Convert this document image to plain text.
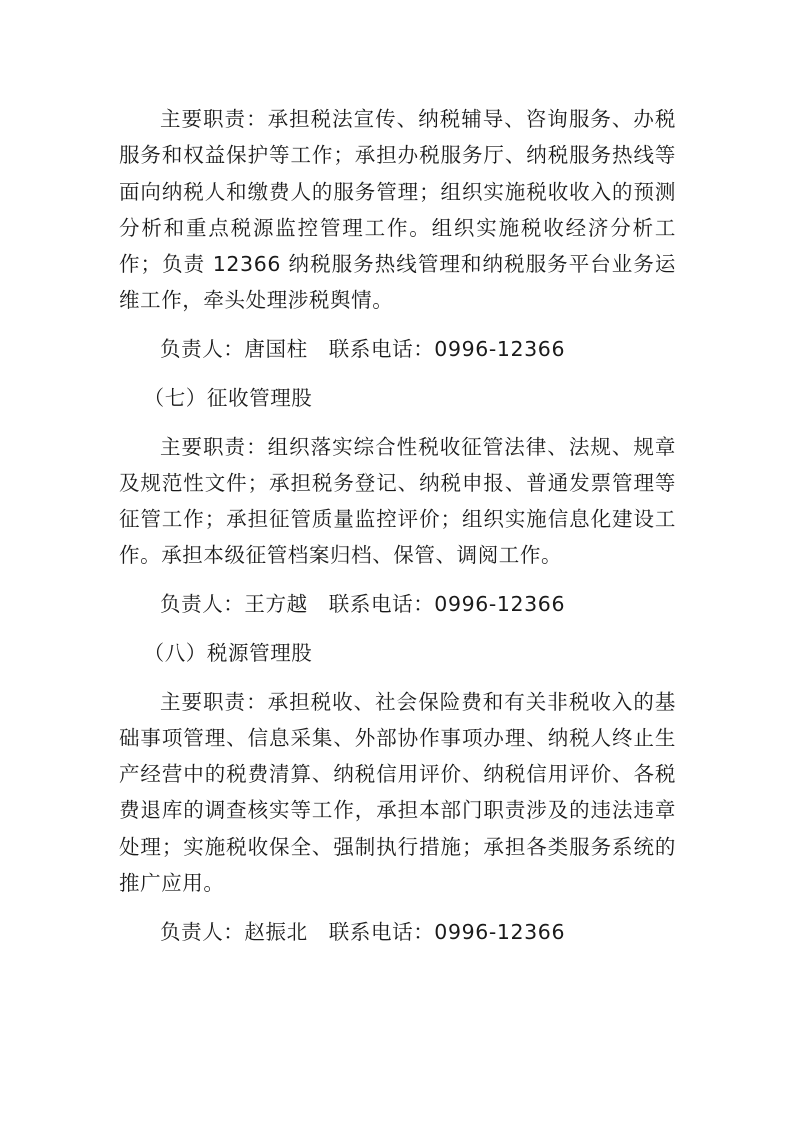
主要职责：承担税法宣传、纳税辅导、咨询服务、办税服务和权益保护等工作；承担办税服务厅、纳税服务热线等面向纳税人和缴费人的服务管理；组织实施税收收入的预测分析和重点税源监控管理工作。组织实施税收经济分析工作；负责 12366 纳税服务热线管理和纳税服务平台业务运维工作，牵头处理涉税舆情。

负责人：唐国柱　联系电话：0996-12366

（七）征收管理股

主要职责：组织落实综合性税收征管法律、法规、规章及规范性文件；承担税务登记、纳税申报、普通发票管理等征管工作；承担征管质量监控评价；组织实施信息化建设工作。承担本级征管档案归档、保管、调阅工作。

负责人：王方越　联系电话：0996-12366

（八）税源管理股

主要职责：承担税收、社会保险费和有关非税收入的基础事项管理、信息采集、外部协作事项办理、纳税人终止生产经营中的税费清算、纳税信用评价、纳税信用评价、各税费退库的调查核实等工作，承担本部门职责涉及的违法违章处理；实施税收保全、强制执行措施；承担各类服务系统的推广应用。

负责人：赵振北　联系电话：0996-12366
